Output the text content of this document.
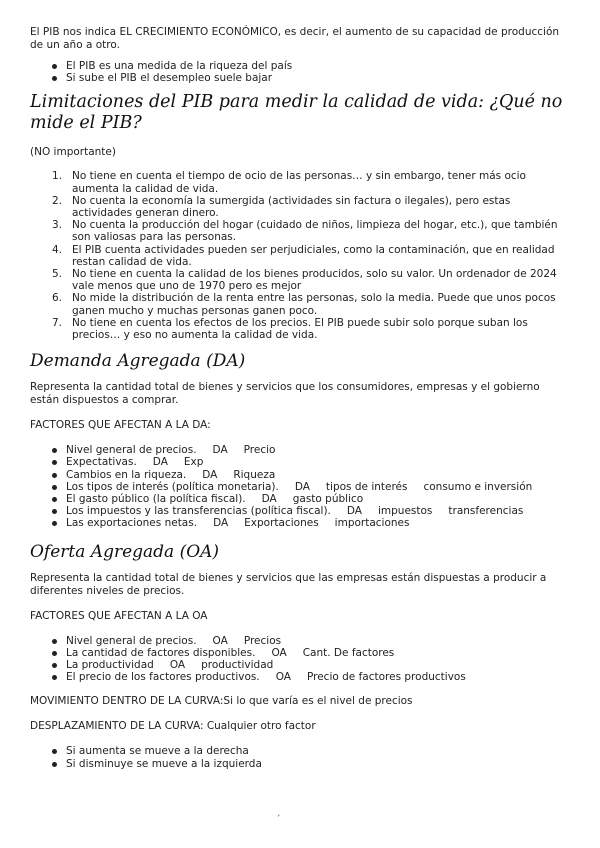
El PIB nos indica EL CRECIMIENTO ECONÓMICO, es decir, el aumento de su capacidad de producción de un año a otro.

El PIB es una medida de la riqueza del país
Si sube el PIB el desempleo suele bajar
Limitaciones del PIB para medir la calidad de vida: ¿Qué no mide el PIB?

(NO importante)

1. No tiene en cuenta el tiempo de ocio de las personas… y sin embargo, tener más ocio aumenta la calidad de vida.
2. No cuenta la economía la sumergida (actividades sin factura o ilegales), pero estas actividades generan dinero.
3. No cuenta la producción del hogar (cuidado de niños, limpieza del hogar, etc.), que también son valiosas para las personas.
4. El PIB cuenta actividades pueden ser perjudiciales, como la contaminación, que en realidad restan calidad de vida.
5. No tiene en cuenta la calidad de los bienes producidos, solo su valor. Un ordenador de 2024 vale menos que uno de 1970 pero es mejor
6. No mide la distribución de la renta entre las personas, solo la media. Puede que unos pocos ganen mucho y muchas personas ganen poco.
7. No tiene en cuenta los efectos de los precios. El PIB puede subir solo porque suban los precios… y eso no aumenta la calidad de vida.
Demanda Agregada (DA)

Representa la cantidad total de bienes y servicios que los consumidores, empresas y el gobierno están dispuestos a comprar.

FACTORES QUE AFECTAN A LA DA:

Nivel general de precios. DA Precio
Expectativas. DA Exp
Cambios en la riqueza. DA Riqueza
Los tipos de interés (política monetaria). DA tipos de interés consumo e inversión
El gasto público (la política fiscal). DA gasto público
Los impuestos y las transferencias (política fiscal). DA impuestos transferencias
Las exportaciones netas. DA Exportaciones importaciones
Oferta Agregada (OA)

Representa la cantidad total de bienes y servicios que las empresas están dispuestas a producir a diferentes niveles de precios.

FACTORES QUE AFECTAN A LA OA

Nivel general de precios. OA Precios
La cantidad de factores disponibles. OA Cant. De factores
La productividad OA productividad
El precio de los factores productivos. OA Precio de factores productivos

MOVIMIENTO DENTRO DE LA CURVA:Si lo que varía es el nivel de precios

DESPLAZAMIENTO DE LA CURVA: Cualquier otro factor

Si aumenta se mueve a la derecha
Si disminuye se mueve a la izquierda
´
